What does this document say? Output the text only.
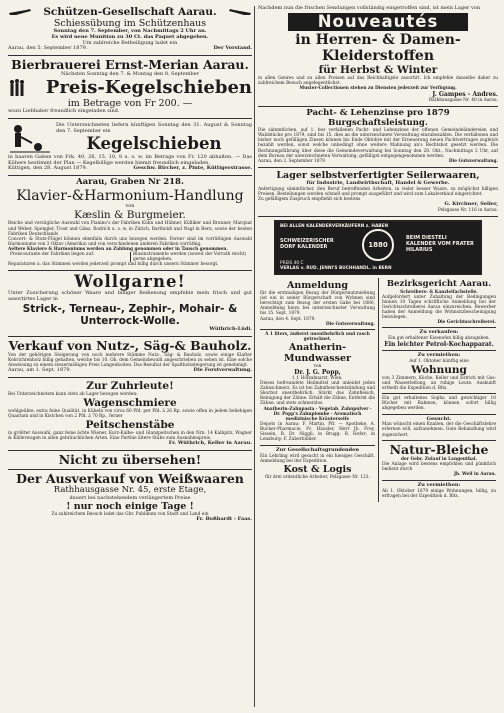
Schützen-Gesellschaft Aarau.
Schiessübung im Schützenhaus
Sonntag den 7. September, von Nachmittags 2 Uhr an.
Es wird neue Munition zu 30 Ct. das Paquet abgegeben.
Um zahlreiche Betheiligung ladet ein
Aarau, den 5. September 1879.	Der Vorstand.
Bierbrauerei Ernst-Merian Aarau.
Nächsten Sonntag den 7. & Montag den 8. September
Preis-Kegelschieben
im Betrage von Fr 200. —
wozu Liebhaber freundlich eingeladen sind.
Die Unterzeichneten liefern künftigen Sonntag den 31. August & Sonntag den 7. September ein
Kegelschieben
in baaren Gaben von Frk. 40, 26, 15, 10, 8 u. s. w. im Betrage von Fr. 120 abhalten. — Das Kühere bestimmt der Plan — Kegelbillige werden hiemit freundlich eingeladen.
Küttigen, den 28. August 1879.	Geschw. Bircher, z. Pinte, Küttigerstrasse.
Aarau, Graben Nr 218.
Klavier-&Harmonium-Handlung
von
Kæslin & Burgmeier.
Reiche und vorzügliche Auswahl von Pianino's der Fabriken Kühn und Hübner, Külliker und Brunner, Marquat und Weber, Spengler, Trost und Gänz, Rodrich u. s. w. in Zürich, Bartholdi und Nagl in Bern, sowie der besten Fabriken Deutschlands
Concert- & Stutz-Flügel können ebenfalls durch uns bezogen werden. Ferner sind im vorräthigen Auswahl Harmoniums von 3 Oktav (Amerika) und von verschiedenen anderen Fabriken vorräthig.
Aeltere Klaviere & Harmoniums werden an Zahlung genommen oder in Tausch genommen.
Preiscourante der Fabriken liegen auf.	Blasinstrumente werden (soweit der Vorrath reicht) gerne abgegeben.
Reparaturen u. das Stimmen werden jederzeit prompt und billig durch unsern Stimmer besorgt.
Wollgarne!
Unter Zusicherung schöner Waare und billiger Bedienung empfehle mein frisch und gut assortirtes Lager in
Strick-, Terneau-, Zephir-, Mohair- & Unterrock-Wolle.
Wüthrich-Lüdi.
Verkauf von Nutz-, Säg-& Bauholz.
Von der gehörigen Steigerung von noch mehrere Stämme Nutz-, Säg- & Bauholz, sowie einige Klafter Kebrichtenholz billig gehalten, welche bis 10. Ob. dem Gemeindewald angeschrieben zu sehen ist. Eine solche Anweisung zu einem steuermäßigen Preis Langenboiten. Das Resultat der Spaltholzsteigerung ist genehmigt.
Aarau, am 1. Sept. 1879.	Die Forstverwaltung.
Zur Zuhrleute!
Bei Unterzeichnetem kann stets ab Lager bezogen werden:
Wagenschmiere
wohlgeübte, extra feine Qualität. in Kübeln von circa 60 Pfd. per Pfd. à 26 Rp. sowie offen in jedem beliebigen Quantum und in Kistchen von 2 Pfd. à 70 Rp., ferner
Peitschenstäbe
in größter Auswahl, ganz feine ächte Wiener, Kurz-Kalbe- und Glanzpeitschen in den Nrn. 14 Kalbpitz, Wagner & Kilderwagen in allen gebräuchlichen Arten. Eine Parthie ältere Stäbe zum Ausnahmspreis.
Fr. Wüthrich, Keller in Aarau.
Nicht zu übersehen!
Der Ausverkauf von Weißwaaren
Rathhausgasse Nr. 45, erste Etage,
dauert bei nachstehendem verlängertem Preise
! nur noch einige Tage !
Zu zahlreichem Besuch ladet das Ghr. Publikum von Stadt und Land ein
Fr. Boßhardt - Faas.
Nachdem nun die frischen Sendungen vollständig eingetroffen sind, ist mein Lager von
Nouveautés
in Herren- & Damen-Kleiderstoffen
für Herbst & Winter
in allen Genres und zu allen Preisen auf das Reichhaltigste assortirt. Ich empfehle dasselbe daher zu zahlreichem Besuch angelegentlichst.
Muster-Collectionen stehen zu Diensten jederzeit zur Verfügung.
J. Gampes - Andres.
Rathhausgasse Nr. 40 in Aarau.
Pacht- & Lehenzinse pro 1879 Burgschaftsleistung.
Die sämmtlichen, auf 1. bez verfallenen Pacht- und Lehenzinse der offenen Gemeindeländereien und Waldstücke pro 1879, sind bis 15. dies an die unterzeichnete Verwaltung einzubezahlen. Die verfallenen und bisher noch gefälligen Zinsen können bis Ende Oktobre mit der Erneuerung neuen Pachtvertrages zugleich bezahlt werden, sonst welche unbedingt ohne weitere Mahnung an's Rechtsbot gesetzt werden. Die Rechnungsführung über diese die Gemeindeverwaltung bei Sonntag den 28. Okt., Nachmittags 2 Uhr, auf dem Bureau der unterzeichneten Verwaltung, gefälligst entgegengenommen werden.
Aarau, den 3. September 1879.	Die Gutsverwaltung.
Lager selbstverfertigter Seilerwaaren,
für Industrie, Landwirthschaft, Handel & Gewerbe.
Anfertigung sämmtlicher, den Beruf betreffenden Arbeiten, in vieler besser Waare, zu möglichst billigen Preisen. Bestellungen werden schnell und prompt ausgeführt und wird zum Lokalverkauf eingerichtet.
Zu gefälligem Zuspruch empfiehlt sich bestens
G. Kirchner, Seiler,
Pelzgasse Nr. 116 in Aarau.
BEI ALLEN KALENDERVERKÄUFERN z. HABEN
SCHWEIZERISCHER DORF KALENDER	1880
BEIM DIESTELI KALENDER VOM FRATER HILARIUS
PREIS 40 C
VERLAG v. RUD. JENNI'S BUCHHANDL. in BERN
Anmeldung
für die erstmaligen Bezug der Bürgerinutznießung (ist ein in seiner Bürgerschaft von Wyhnen sind berechtigt zum Bezug der ersten Gabe bei 1880, Anmeldung hiezu bei unterzeichneter Verwaltung bis 15. Sept. 1879.
Aarau, den 4. Sept. 1879.
Die Gutsverwaltung.
Á 1 liters, äußerst unentbehrlich und rasch getrocknet.
Anatherin-Mundwasser
von
Dr. J. G. Popp,
f. f. Hofzahnarzt, Wien.
Dieses befreundete Heilmittel und unleidet jeden Zahnschmerz. Es ist bei Zahnfleischentzündung und Skorbut unentbehrlich. Stärkt das Zahnfleisch, Reinigung der Zähne. Erhält die Zähne, Entfernt die Zähne, und stets schmerzlos.
Anatherin-Zahnpasta · Vegetab. Zahnpulver · Dr. Popp's Zahnplombe · Aromatisch medizinische Kräuterseife
Depots in Aarau: F. Martin, Pfr. — Apotheke, A. Bucher-Pharmacie, Fr. Häusler, Herr Jb. Frey, Sisseln, B. Dr. Niggli; in Brugg: B. Hofer; in Lenzburg: F. Zuberbühler.
Zur Gesellschaftsgrundenden
Ein Lehrling wird gesucht in ein hiesiges Geschäft. Anmeldung bei der Expedition.
Kost & Logis
für drei ordentliche Arbeiter, Pelzgasse Nr. 123.
Bezirksgericht Aarau.
Schreibers- & Kanzleifachstelle.
Aufgefordert unter Zuhaltung der Bedingungen binnen 10 Tagen schriftliche Anmeldung bei der Gerichtsschreiberei Aarau einzureichen. Bewerber haben der Anmeldung die Wohnsitzbescheinigung beizulegen.
Die Gerichtsschreiberei.
Zu verkaufen:
Ein gut erhaltener Eisenofen billig abzugeben.
Ein leichter Petrol-Kochapparat.
Zu vermiethen:
Auf 1. Oktober künftig eine
Wohnung
von 3 Zimmern, Küche, Keller und Estrich mit Gas- und Wasserleitung, an ruhige Leute. Auskunft ertheilt die Expedition d. Blts.
Ein gut erhaltenes Sopha und gewichtiger 10 Bücher mit Rahmen, können sofort billig abgegeben werden.
Gesucht.
Man wünscht einen Knaben, der die Geschäftslehre erlernen will, aufzunehmen. Gute Behandlung wird zugesichert.
Natur-Bleiche
der Gebr. Zulauf in Langenthal.
Die Anlage wird bestens empfohlen und pünktlich bedient durch
Jb. Weil in Aarau.
Zu vermiethen:
Ab 1. Oktober 1879 einige Wohnungen, billig, zu erfragen bei der Expedition d. Blts.
